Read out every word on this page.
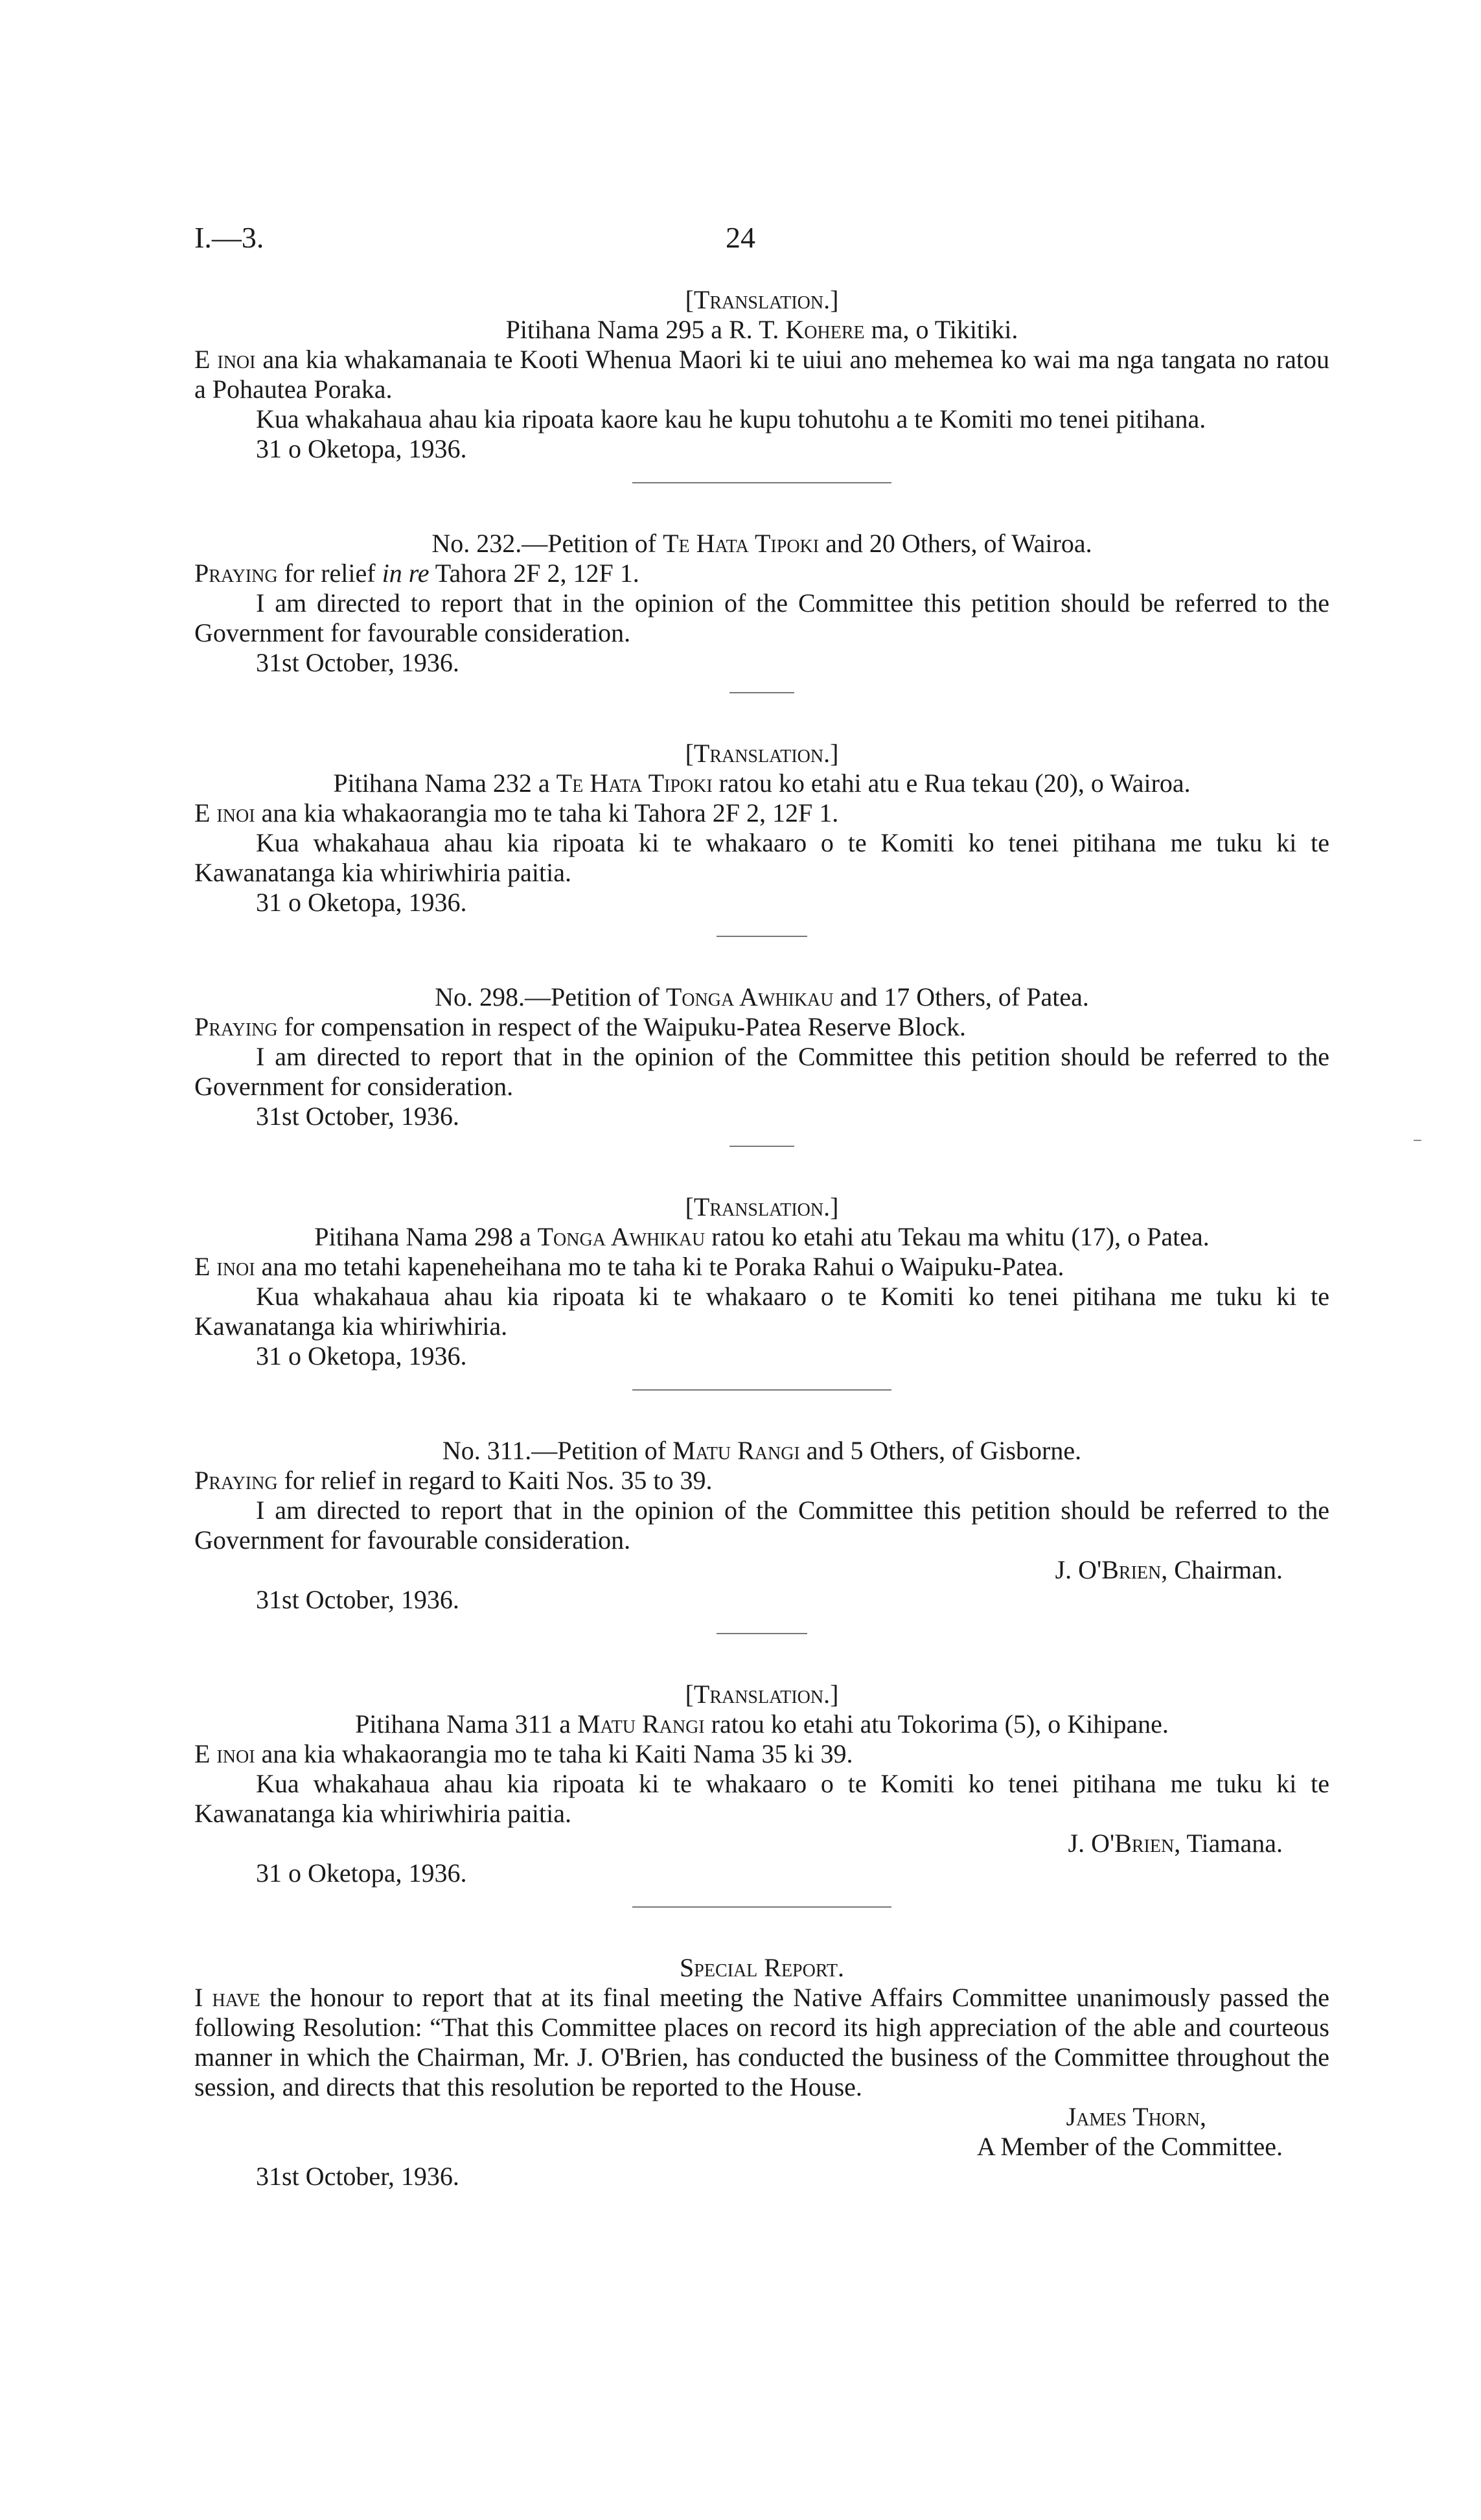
I.—3.	24
⁻

[Translation.]

Pitihana Nama 295 a R. T. Kohere ma, o Tikitiki.

E inoi ana kia whakamanaia te Kooti Whenua Maori ki te uiui ano mehemea ko wai ma nga tangata no ratou a Pohautea Poraka.

Kua whakahaua ahau kia ripoata kaore kau he kupu tohutohu a te Komiti mo tenei pitihana.

31 o Oketopa, 1936.

No. 232.—Petition of Te Hata Tipoki and 20 Others, of Wairoa.

Praying for relief in re Tahora 2F 2, 12F 1.

I am directed to report that in the opinion of the Committee this petition should be referred to the Government for favourable consideration.

31st October, 1936.

[Translation.]

Pitihana Nama 232 a Te Hata Tipoki ratou ko etahi atu e Rua tekau (20), o Wairoa.

E inoi ana kia whakaorangia mo te taha ki Tahora 2F 2, 12F 1.

Kua whakahaua ahau kia ripoata ki te whakaaro o te Komiti ko tenei pitihana me tuku ki te Kawanatanga kia whiriwhiria paitia.

31 o Oketopa, 1936.

No. 298.—Petition of Tonga Awhikau and 17 Others, of Patea.

Praying for compensation in respect of the Waipuku-Patea Reserve Block.

I am directed to report that in the opinion of the Committee this petition should be referred to the Government for consideration.

31st October, 1936.

[Translation.]

Pitihana Nama 298 a Tonga Awhikau ratou ko etahi atu Tekau ma whitu (17), o Patea.

E inoi ana mo tetahi kapeneheihana mo te taha ki te Poraka Rahui o Waipuku-Patea.

Kua whakahaua ahau kia ripoata ki te whakaaro o te Komiti ko tenei pitihana me tuku ki te Kawanatanga kia whiriwhiria.

31 o Oketopa, 1936.

No. 311.—Petition of Matu Rangi and 5 Others, of Gisborne.

Praying for relief in regard to Kaiti Nos. 35 to 39.

I am directed to report that in the opinion of the Committee this petition should be referred to the Government for favourable consideration.

J. O'Brien, Chairman.

31st October, 1936.

[Translation.]

Pitihana Nama 311 a Matu Rangi ratou ko etahi atu Tokorima (5), o Kihipane.

E inoi ana kia whakaorangia mo te taha ki Kaiti Nama 35 ki 39.

Kua whakahaua ahau kia ripoata ki te whakaaro o te Komiti ko tenei pitihana me tuku ki te Kawanatanga kia whiriwhiria paitia.

J. O'Brien, Tiamana.

31 o Oketopa, 1936.

Special Report.

I have the honour to report that at its final meeting the Native Affairs Committee unanimously passed the following Resolution: “That this Committee places on record its high appreciation of the able and courteous manner in which the Chairman, Mr. J. O'Brien, has conducted the business of the Committee throughout the session, and directs that this resolution be reported to the House.

James Thorn,

A Member of the Committee.

31st October, 1936.
